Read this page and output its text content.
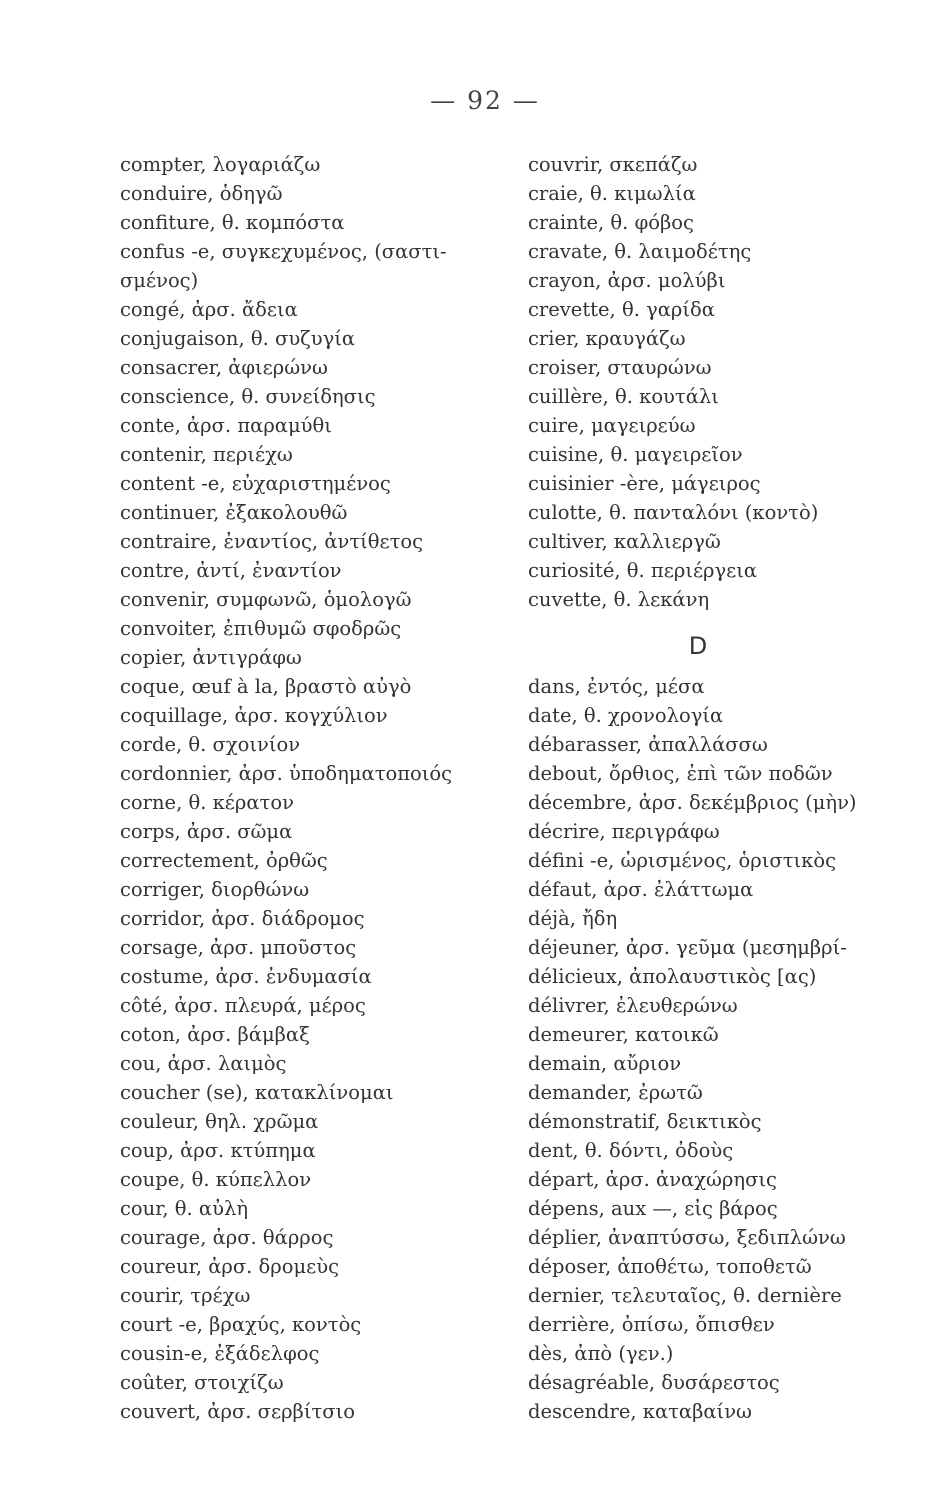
— 92 —
compter, λογαριάζω
conduire, ὁδηγῶ
confiture, θ. κομπόστα
confus -e, συγκεχυμένος, (σαστι-
σμένος)
congé, ἀρσ. ἄδεια
conjugaison, θ. συζυγία
consacrer, ἀφιερώνω
conscience, θ. συνείδησις
conte, ἀρσ. παραμύθι
contenir, περιέχω
content -e, εὐχαριστημένος
continuer, ἐξακολουθῶ
contraire, ἐναντίος, ἀντίθετος
contre, ἀντί, ἐναντίον
convenir, συμφωνῶ, ὁμολογῶ
convoiter, ἐπιθυμῶ σφοδρῶς
copier, ἀντιγράφω
coque, œuf à la, βραστὸ αὐγὸ
coquillage, ἀρσ. κογχύλιον
corde, θ. σχοινίον
cordonnier, ἀρσ. ὑποδηματοποιός
corne, θ. κέρατον
corps, ἀρσ. σῶμα
correctement, ὀρθῶς
corriger, διορθώνω
corridor, ἀρσ. διάδρομος
corsage, ἀρσ. μποῦστος
costume, ἀρσ. ἐνδυμασία
côté, ἀρσ. πλευρά, μέρος
coton, ἀρσ. βάμβαξ
cou, ἀρσ. λαιμὸς
coucher (se), κατακλίνομαι
couleur, θηλ. χρῶμα
coup, ἀρσ. κτύπημα
coupe, θ. κύπελλον
cour, θ. αὐλὴ
courage, ἀρσ. θάρρος
coureur, ἀρσ. δρομεὺς
courir, τρέχω
court -e, βραχύς, κοντὸς
cousin-e, ἐξάδελφος
coûter, στοιχίζω
couvert, ἀρσ. σερβίτσιο
couvrir, σκεπάζω
craie, θ. κιμωλία
crainte, θ. φόβος
cravate, θ. λαιμοδέτης
crayon, ἀρσ. μολύβι
crevette, θ. γαρίδα
crier, κραυγάζω
croiser, σταυρώνω
cuillère, θ. κουτάλι
cuire, μαγειρεύω
cuisine, θ. μαγειρεῖον
cuisinier -ère, μάγειρος
culotte, θ. πανταλόνι (κοντὸ)
cultiver, καλλιεργῶ
curiosité, θ. περιέργεια
cuvette, θ. λεκάνη
D
dans, ἐντός, μέσα
date, θ. χρονολογία
débarasser, ἀπαλλάσσω
debout, ὄρθιος, ἐπὶ τῶν ποδῶν
décembre, ἀρσ. δεκέμβριος (μὴν)
décrire, περιγράφω
défini -e, ὡρισμένος, ὁριστικὸς
défaut, ἀρσ. ἐλάττωμα
déjà, ἤδη
déjeuner, ἀρσ. γεῦμα (μεσημβρί-
délicieux, ἀπολαυστικὸς [ας)
délivrer, ἐλευθερώνω
demeurer, κατοικῶ
demain, αὔριον
demander, ἐρωτῶ
démonstratif, δεικτικὸς
dent, θ. δόντι, ὀδοὺς
départ, ἀρσ. ἀναχώρησις
dépens, aux —, εἰς βάρος
déplier, ἀναπτύσσω, ξεδιπλώνω
déposer, ἀποθέτω, τοποθετῶ
dernier, τελευταῖος, θ. dernière
derrière, ὀπίσω, ὄπισθεν
dès, ἀπὸ (γεν.)
désagréable, δυσάρεστος
descendre, καταβαίνω
